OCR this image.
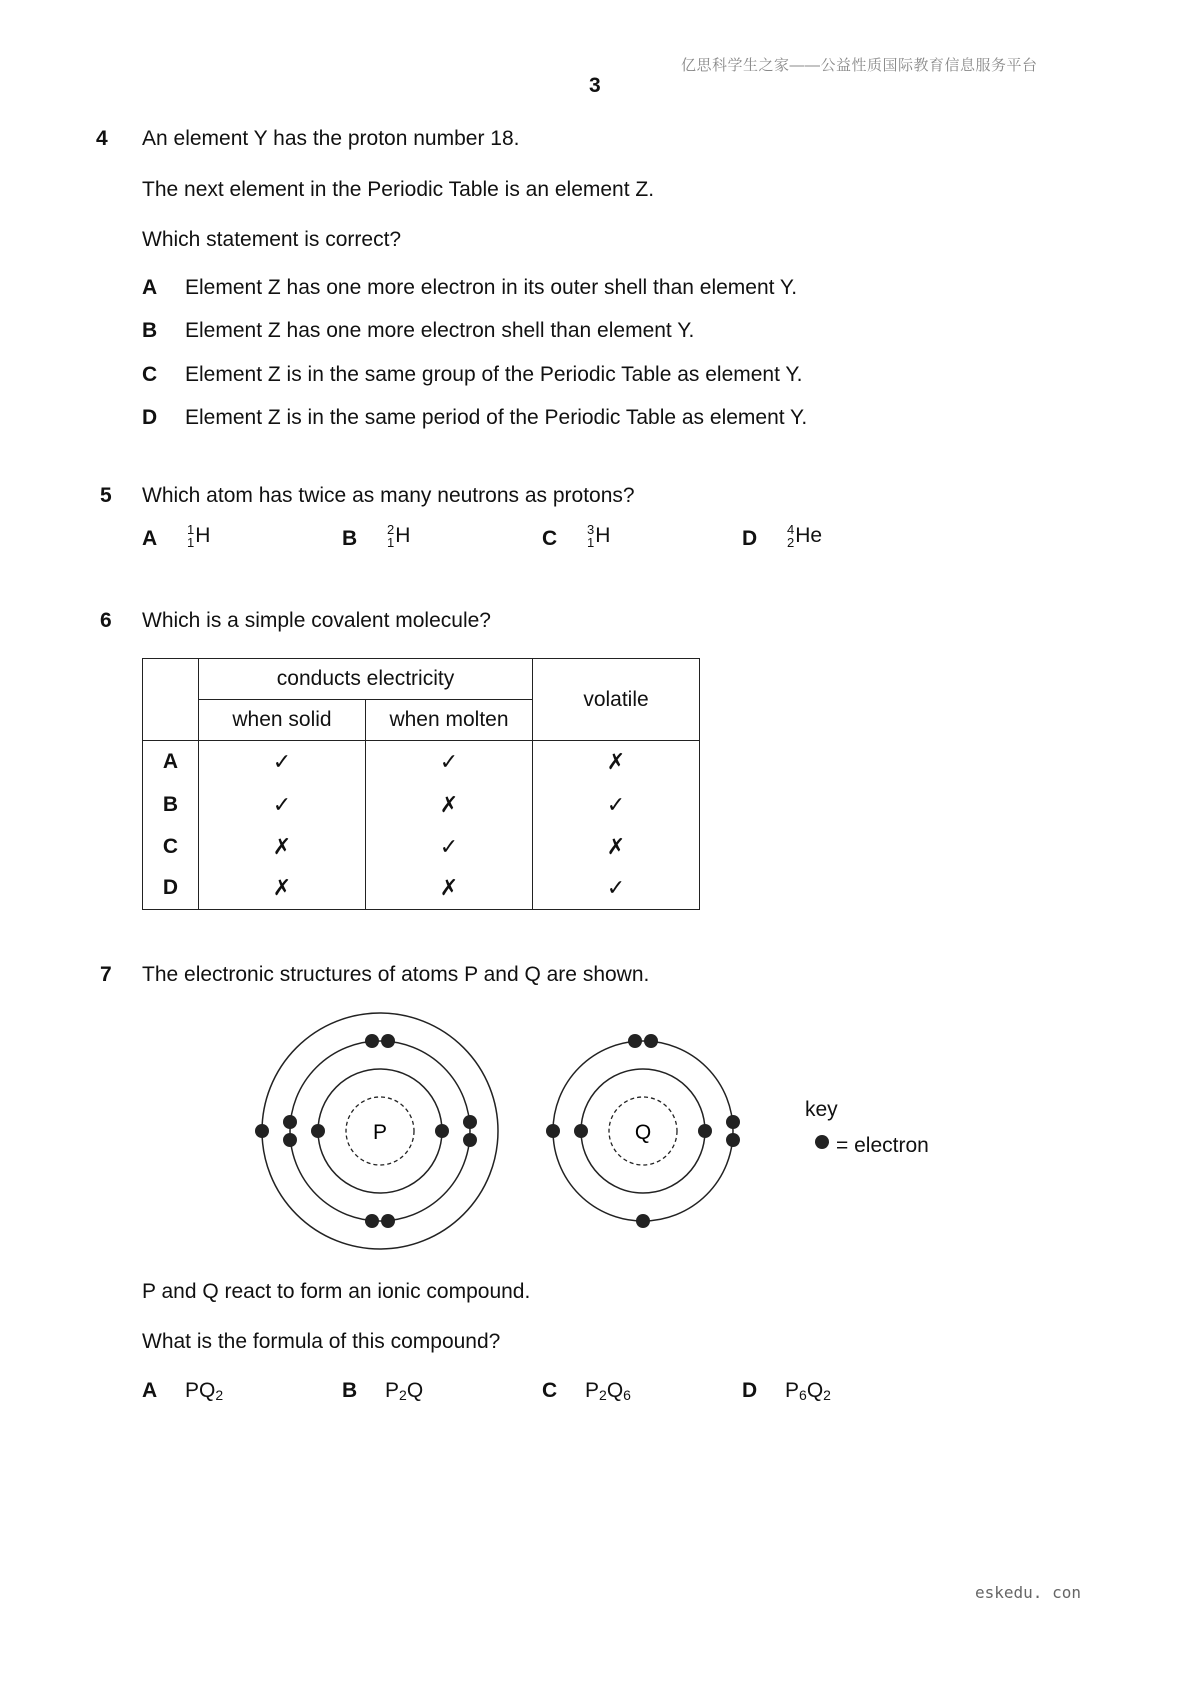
亿思科学生之家——公益性质国际教育信息服务平台
3
4 An element Y has the proton number 18.
The next element in the Periodic Table is an element Z.
Which statement is correct?
A Element Z has one more electron in its outer shell than element Y.
B Element Z has one more electron shell than element Y.
C Element Z is in the same group of the Periodic Table as element Y.
D Element Z is in the same period of the Periodic Table as element Y.
5 Which atom has twice as many neutrons as protons?
A 1
1 H	B 2
1 H	C 3
1 H	D 4
2 He
6 Which is a simple covalent molecule?
	conducts electricity		volatile
	when solid	when molten	
A	✓	✓	✗
B	✓	✗	✓
C	✗	✓	✗
D	✗	✗	✓
7 The electronic structures of atoms P and Q are shown.
P	Q
key
= electron
P and Q react to form an ionic compound.
What is the formula of this compound?
A $PQ_2$	B $P_2Q$	C $P_2Q_6$	D $P_6Q_2$
eskedu. con
